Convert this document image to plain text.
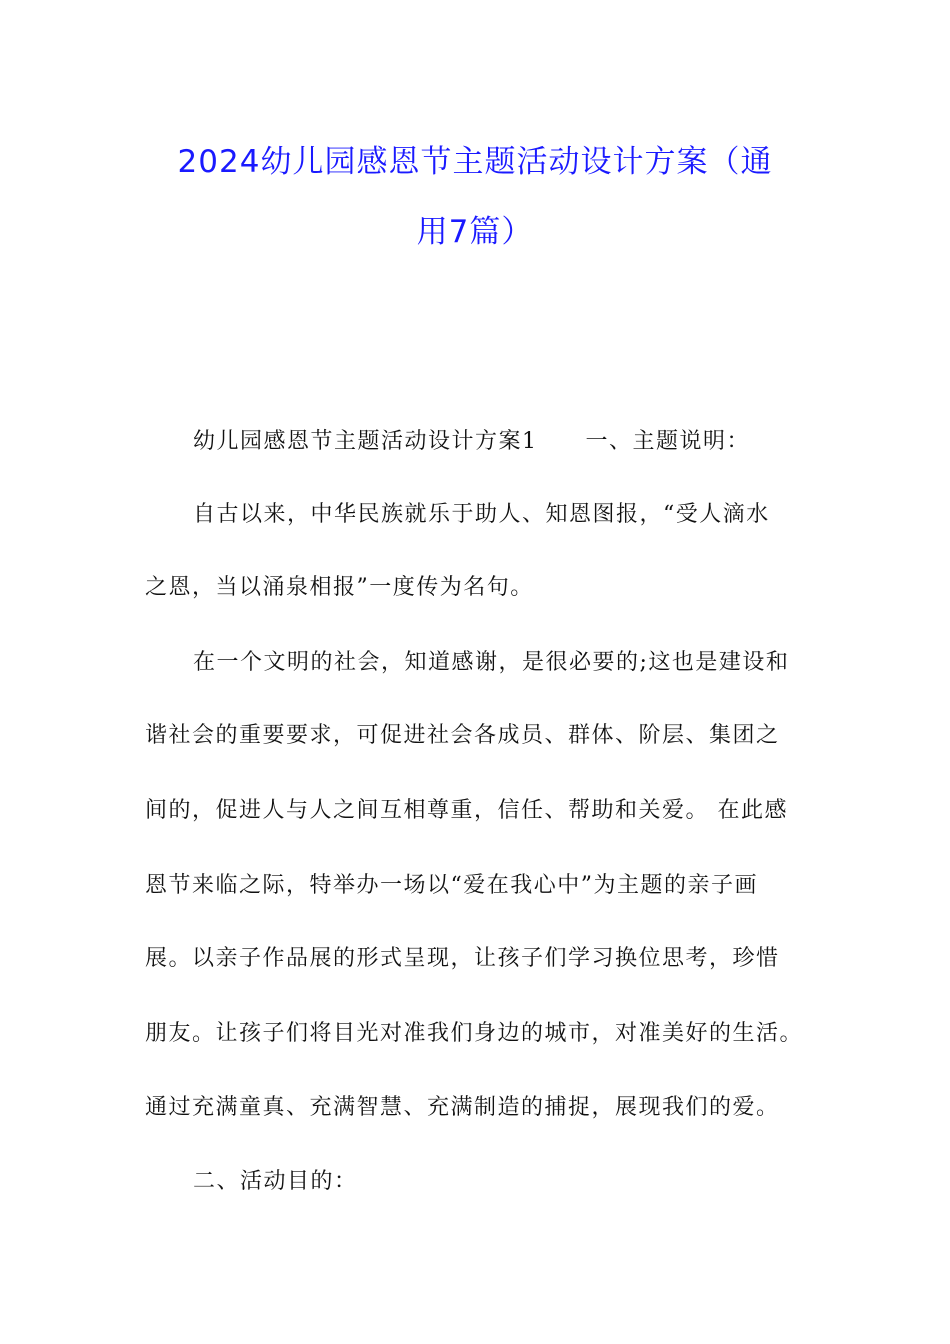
2024幼儿园感恩节主题活动设计方案（通
用7篇）
幼儿园感恩节主题活动设计方案1 一、主题说明：
自古以来，中华民族就乐于助人、知恩图报，“受人滴水
之恩，当以涌泉相报”一度传为名句。
在一个文明的社会，知道感谢，是很必要的;这也是建设和
谐社会的重要要求，可促进社会各成员、群体、阶层、集团之
间的，促进人与人之间互相尊重，信任、帮助和关爱。 在此感
恩节来临之际，特举办一场以“爱在我心中”为主题的亲子画
展。以亲子作品展的形式呈现，让孩子们学习换位思考，珍惜
朋友。让孩子们将目光对准我们身边的城市，对准美好的生活。
通过充满童真、充满智慧、充满制造的捕捉，展现我们的爱。
二、活动目的：
